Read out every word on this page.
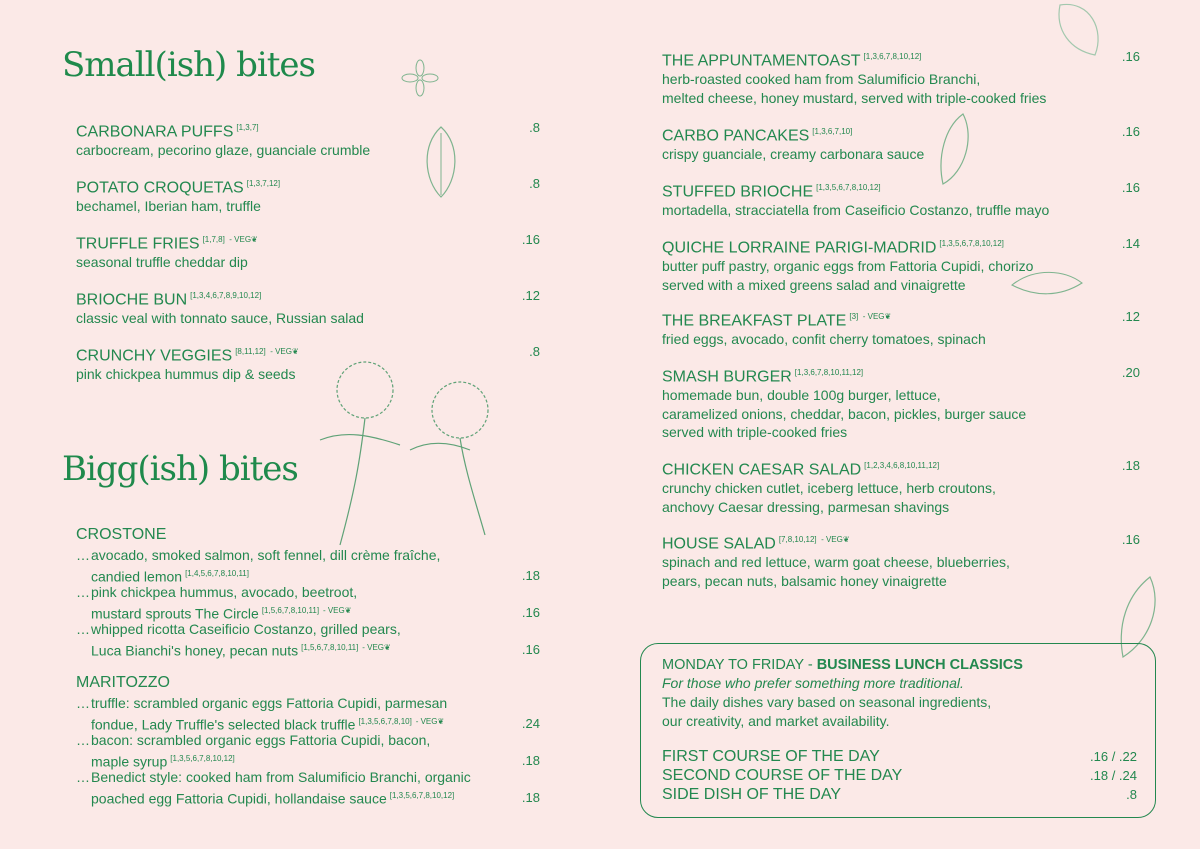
Small(ish) bites
CARBONARA PUFFS [1,3,7]
carbocream, pecorino glaze, guanciale crumble
.8
POTATO CROQUETAS [1,3,7,12]
bechamel, Iberian ham, truffle
.8
TRUFFLE FRIES [1,7,8] $^{- VEG❦}$
seasonal truffle cheddar dip
.16
BRIOCHE BUN [1,3,4,6,7,8,9,10,12]
classic veal with tonnato sauce, Russian salad
.12
CRUNCHY VEGGIES [8,11,12] $^{- VEG❦}$
pink chickpea hummus dip & seeds
.8
Bigg(ish) bites
CROSTONE
… avocado, smoked salmon, soft fennel, dill crème fraîche,
candied lemon [1,4,5,6,7,8,10,11]	.18
… pink chickpea hummus, avocado, beetroot,
mustard sprouts The Circle [1,5,6,7,8,10,11] $^{- VEG❦}$	.16
… whipped ricotta Caseificio Costanzo, grilled pears,
Luca Bianchi's honey, pecan nuts [1,5,6,7,8,10,11] $^{- VEG❦}$	.16
MARITOZZO
… truffle: scrambled organic eggs Fattoria Cupidi, parmesan
fondue, Lady Truffle's selected black truffle [1,3,5,6,7,8,10] $^{- VEG❦}$	.24
… bacon: scrambled organic eggs Fattoria Cupidi, bacon,
maple syrup [1,3,5,6,7,8,10,12]	.18
… Benedict style: cooked ham from Salumificio Branchi, organic
poached egg Fattoria Cupidi, hollandaise sauce [1,3,5,6,7,8,10,12]	.18
THE APPUNTAMENTOAST [1,3,6,7,8,10,12]
herb-roasted cooked ham from Salumificio Branchi,
melted cheese, honey mustard, served with triple-cooked fries
.16
CARBO PANCAKES [1,3,6,7,10]
crispy guanciale, creamy carbonara sauce
.16
STUFFED BRIOCHE [1,3,5,6,7,8,10,12]
mortadella, stracciatella from Caseificio Costanzo, truffle mayo
.16
QUICHE LORRAINE PARIGI-MADRID [1,3,5,6,7,8,10,12]
butter puff pastry, organic eggs from Fattoria Cupidi, chorizo
served with a mixed greens salad and vinaigrette
.14
THE BREAKFAST PLATE [3] $^{- VEG❦}$
fried eggs, avocado, confit cherry tomatoes, spinach
.12
SMASH BURGER [1,3,6,7,8,10,11,12]
homemade bun, double 100g burger, lettuce,
caramelized onions, cheddar, bacon, pickles, burger sauce
served with triple-cooked fries
.20
CHICKEN CAESAR SALAD [1,2,3,4,6,8,10,11,12]
crunchy chicken cutlet, iceberg lettuce, herb croutons,
anchovy Caesar dressing, parmesan shavings
.18
HOUSE SALAD [7,8,10,12] $^{- VEG❦}$
spinach and red lettuce, warm goat cheese, blueberries,
pears, pecan nuts, balsamic honey vinaigrette
.16
MONDAY TO FRIDAY - BUSINESS LUNCH CLASSICS
For those who prefer something more traditional.
The daily dishes vary based on seasonal ingredients,
our creativity, and market availability.
FIRST COURSE OF THE DAY	.16 / .22
SECOND COURSE OF THE DAY	.18 / .24
SIDE DISH OF THE DAY	.8
